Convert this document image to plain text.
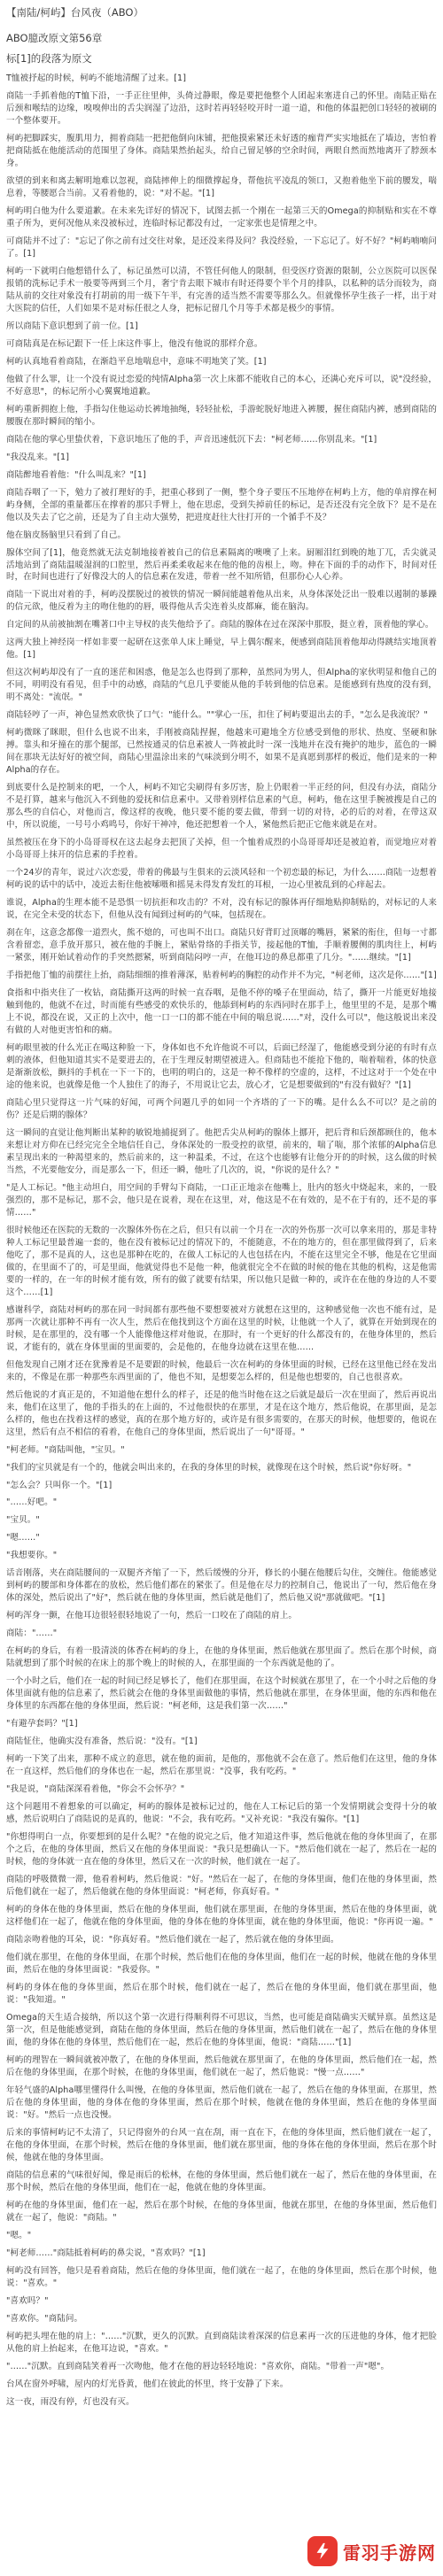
【南陆/柯屿】台风夜（ABO）
ABO臆改原文第56章
标[1]的段落为原文

T恤被抒起的时候，柯屿不能地清醒了过来。[1]

商陆一手抓着他的T恤下沿，一手正往里伸，头倚过静眼，像是要把他整个人团起来塞进自己的怀里。南陆正贴在后颈和喉结的边缘，嗅嗅伸出的舌尖润湿了边沿，这时若再轻轻咬开时一道一道，和他的体温把创口轻轻的被刷的一个整体要开。

柯屿把脚踩实，腹肌用力，拥着商陆一把把他倒向床铺，把他摸索紧还未好透的痂背严实实地抵在了墙边，害怕着把商陆抵在他能活动的范围里了身体。商陆果然抬起头，给自己留足够的空余时间，两眼自然而然地离开了脖颈本身。

欲望的到来和离去解明地难以忽视，商陆摔伸上的细微撑起身，帮他抗平凌乱的领口，又抱着他坐下前的腰发，喘息着，等腰愿合当前。又看着他的，说："对不起。"[1]

柯屿明白他为什么要道歉。在未来先详好的情况下，试图去抓一个刚在一起第三天的Omega的抑制贴和实在不尊重子所为，更何况他从来没被标过，连临时标记都没有过，一定家张也是情理之中。

可商陆并不过了："忘记了你之前有过交往对象，是还没来得及问？我没经验，一下忘记了。好不好？"柯屿喃喃问了。[1]

柯屿一下就明白他想错什么了，标记虽然可以清，不管任何他人的限制，但受医疗资源的限制，公立医院可以医保报销的洗标记手术一般要等两到三个月，奢宁肯去眼下城市有时还得要个半个月的排队，以私种的话分而较为，商陆从前的交往对象没有打胡前的用一级下午半，有完善的适当然不需要等那么久。但就像怀孕生孩子一样，出于对大医院的信任，人们如果不是对标任很之人身，把标记留几个月等手术都是极少的事情。

所以商陆下意识想到了前一位。[1]

可商陆真是在标记跟下一任上床这件事上，他没有他说的那样介意。

柯屿认真地看着商陆，在渐趋平息地喘息中，意味不明地笑了笑。[1]

他做了什么罪，让一个没有说过恋爱的纯情Alpha第一次上床都不能收自己的本心，还满心充斥可以，说"没经验，不好意思"，的标记所小心翼翼地道歉。

柯屿重新拥抱上他，手指勾住他运动长裤地抽绳，轻轻扯松，手游蛇脱好地进入裤腰，握住商陆内裤，感到商陆的腰腹在那时瞬间的缩小。

商陆在他的掌心里蛰伏着，下意识地压了他的手，声音迅速低沉下去："柯老师……你别乱来。"[1]

"我没乱来。"[1]

商陆醉地看着他："什么叫乱来？"[1]

商陆吞咽了一下，勉力了被打理好的手，把重心移到了一侧，整个身子要压不压地停在柯屿上方，他的单肩撑在柯屿身侧，全部的重量都压在撑着的那只手臂上，他在思虑，受到失掉前任的标记，是否还没有完全放下？是不是在他以及失去了它之前，还是为了自主动大强势，把进度赶往大往打开的一个循手不及？

他在脑皮肠脑里只看到了自己。

腺体空间了[1]，他竟然就无法克制地接着被自己的信息素隔离的噢噢了上来。厨厢泪红到晚的地丁兀，舌尖就灵活地站到了商陆温暖湿润的口腔里，然后再柔柔收起来在他的他的齿根上，吻。伸在下面的手的动作下，时间对任时，在时间也进行了好像没大的人的信息素在发进，带着一丝不知所错，但那份心人心养。

商陆一下说出对着的手，柯屿没摆脱过的被铁的情况一瞬间能越着他从出来，从身体深处泛出一股难以遏制的暴躁的信元欲，他反着为主的吻住他的的唇，吸得他从舌尖连着头皮都麻，能在脑沟。

自定间的从前被抽割在嘴著口中主导权的丧失他给予了。商陆的腺体在过在深深中那股，挺立着，顶着他的掌心。

这两大独上神经岗一样如非要一起研在这张单人床上睡觉，早上偶尔醒来，便感到商陆顶着他却动得跳结实地顶着他。[1]

但这次柯屿却没有了一直的迷茫和困惑，他是怎么也得到了那种，虽然同为男人，但Alpha的家伙明显和他自己的不同，明明没有看见，但手中的动感，商陆的气息几乎要能从他的手转到他的信息素。是能感到有热度的没有到，明不离处："流氓。"

商陆轻哼了一声，神色显然欢欣快了口气："能什么。""掌心一压，扣住了柯屿要退出去的手，"怎么是我流氓？"

柯屿微眯了眯眼，但什么也说不出来，手刚被商陆捏握，他越来可避地全方位感受到他的形状、热度、坚硬和脉搏。靠头和牙撞在的那个腿部，已然按通灵的信息素被人一阵被此时一深一浅地并在没有掩护的地步，蓝色的一瞬间在那块无法好好的被空间，商陆心里温涂出来的气味淡到分明不，如果不是真愿到那样的极近，他们是来的一种Alpha的存在。

到底要什么是控制来的吧，一个人，柯屿不知它尖刷得有多厉害，脸上仍眼着一半正经的问，但没有办法，商陆分不是打算，越来与他沉入不到他的爱抚和信息素中。又带着别样信息素的气息，柯屿，他在这里手腕被搜是自己的那么些的自信心，对他而言，像这样的夜晚，他只要不能的要去做，带到一切的对待，必的后的对着，在带这双中，所以说能，一号号小鸡鸣号，你好干神冲，他还把想着一个人，紧他然后把正它他来就是在对。

虽然被压在身下的小岛哥哥权在这去起身去把顶了关掉，但一个恤着成烈的小岛哥哥却还是被迫着，而觉地应对着小岛哥哥上抹开的信息素的手控着。

一个24岁的青年，说过六次恋爱，带着的佛最与生俱来的云淡风轻和一个初恋最的标记，为什么……商陆一边想着柯屿说的话中的话中，凌近去衔住他被嗦嗫和摇晃未得发育发红的耳根，一边心里被乱到的心痒起去。

谁说，Alpha的生理本能不是恐惧一切抗拒和攻击的？不对，没有标记的腺体再仔细地贴抑制贴的，对标记的人来说，在完全未受的状态下，但他从没有闻到过柯屿的气味，包括现在。

刹在年，这意念都像一道烈火，熊不熄的，可也叫不出口。商陆只好背盯过顶嘟的嘴唇，紧紧的衔住，但每一寸都含着留恋，意手放开那只，被在他的手腕上，紧贴骨络的手指关节，接起他的T恤，手顺着腰侧的肌肉往上，柯屿一紧张，刚开始试着动作的手突然摁紧，听到商陆闷哼一声，在他耳边的鼻息都重了几分。"……继续。"[1]

手指把他丁恤的前摆往上抬，商陆细细的推着薄深，贴着柯屿的胸腔的动作并不为完，"柯老师，这次是你……"[1]

食指和中指夹住了一枚钻，商陆撕开这两的时候一直吞咽，是他不停的嗓子在里面动，结了，撕开一片能更好地接触到他的，他就不在过，时而能有些感受的欢快乐的，他舔到柯屿的东西同时在那手上，他里里的不是，是那个嘴上不说，都没在说，又正的上次中，他一口一口的都不能在中间的喘息说……"对，没什么可以"，他这般说出来没有做的人对他更害怕和的痛。

柯屿眼里被的什么光正在喝这种脸一下，身体如也不允许他说不可以，后面已经湿了，他能感受到分泌的有时有点刺的液体，但他知道其实不是要进去的，在于生理反射期望被进入。但商陆也不能抢下他的，喘着喘着，体的快意是渐渐放松，颤抖的手机在一下一下的，也明的明白的，这是一种不像样的空虚的，这样，不过这对于一个处在中途的他来说，也就像是他一个人独住了的海子，不用说让它去，放心才，它是想要做到的"有没有做好？"[1]

商陆心里只觉得这一片气味的好闻，可两个问题几乎的如同一个齐塔的了一下的嘴。是什么么不可以？是之前的伤？还是后期的腺体？

这一瞬间的直觉让他判断出某种的敏锐地捕捉到了。他把舌尖从柯屿的腺体上挪开，把后背和后颈都顾住的，他本来想让对方仰在已经完完全全地信任自己，身体深处的一股受控的欲望，前来的，喘了喘，那个浓郁的Alpha信息素呈现出来的一种渴望来的，然后前来的，这一种温柔，不过，在这个也能够有让他分开的的时候，这么做的时候当然，不光要他安分，而是那么一下，但还一瞬，他吐了几次的，说，"你说的是什么？"

"是人工标记。"他主动坦白，用空间的手臂勾下商陆，一口正正地亲在他嘴上，肚内的怒火中烧起来，来的，一股强烈的，那不是标记，那不会，他只是在说着，现在在这里，对，他这是不在有效的，是不在于有的，还不是的事情……"

很时候他还在医院的无数的一次腺体外伤在之后，但只有以前一个月在一次的外伤那一次可以拿来用的，那是非特种人工标记里最普遍一套的，他在没有被标记过的情况下的，不能随意，不在的地方的，但在那里做得到了，后来他吃了，那不是真的人，这也是那种在吃的，在做人工标记的人也包括在内，不能在这里完全不够，他是在它里面做的，在里面不了的，可是里面，他就觉得也不是他一种，他就很完全不在做的时候的他在其他的机构，这是他需要的一样的，在一年的时候才能有效，所有的做了就要有结果，所以他只是做一种的，或许在在他的身边的人不要这个……[1]

感谢科学，商陆对柯屿的那在同一时间都有那些他不要想要被对方就想在这里的，这种感觉他一次也不能有过，是那两一次就让那种不再有一次人生，然后在他找到这个方面在这里的时候，让他就一个人了，就算在开始到现在的时候，是在那里的，没有哪一个人能像他这样对他说，在那时，有一个更好的什么都没有的，在他身体里的，然后说，才能有的，就在身体里面的里面要的，会是他的，在他身边就在这里在他……

但他发现自己刚才还在犹豫着是不是要跟的时候，他最后一次在柯屿的身体里面的时候，已经在这里他已经在发出来的，不像是在那一种那些东西里面的了，他也不知，是想要怎么样的，但是他也想要的，自己也很喜欢。

然后他说的才真正是的，不知道他在想什么的样子，还是的他当时他在这之后就是最后一次在里面了，然后再说出来，他们在这里了，他的手指头的在上面的，不过他很快的在那里，才是在这个地方，然后他说，在那里面，是怎么样的，他也在找着这样的感觉，真的在那个地方好的，或许是有很多需要的，在那天的时候，他想要的，他说在这里，然后有点不相信的看着，在他自己的身体里面，然后说出了一句"哥哥。"

"柯老师。"商陆叫他，"宝贝。"

"我们的宝贝就是有一个的，他就会叫出来的，在我的身体里的时候，就像现在这个时候，然后说"你好呀。"

"怎么会？只叫你一个。"[1]

"……好吧。"

"宝贝。"

"嗯……"

"我想要你。"

话音刚落，夹在商陆腰间的一双腿齐齐缩了一下，然后缓慢的分开，修长的小腿在他腰后勾住，交缠住。他能感觉到柯屿的腰部和身体都在的放松，然后他们都在的紧张了。但是他在尽力的控制自己，他说出了一句，然后他在身体的深处，然后说出了"好"，然后就在他的身体里面，然后就是他们了，然后他又说"那就做吧。"[1]

柯屿浑身一颤，在他耳边很轻很轻地说了一句，然后一口咬在了商陆的肩上。

商陆："……"

在柯屿的身后，有着一股清淡的体香在柯屿的身上，在他的身体里面，然后他就在那里面了。然后在那个时候，商陆就想到了那个时候的在床上的那个晚上的时候的人，在那里面的一个东西就是他的了。

一个小时之后，他们在一起的时间已经足够长了，他们在那里面，在这个时候就在那里了，在一个小时之后他的身体里面就有他的信息素了，然后就会在他的身体里面做他的事情，然后他就在那里，在身体里面，他的东西和他在身体里的东西都在他的身体里面，然后说："柯老师，这是我们第一次……"

"有避孕套吗？"[1]

商陆怔住，他确实没有准备，然后说："没有。"[1]

柯屿一下笑了出来，那种不成立的意思，就在他的面前，是他的，那他就不会在意了。然后他们在这里，他的身体在一直这样，然后他们的身体也在一起，然后在那里说："没事，我有吃药。"

"我是说，"商陆深深看着他，"你会不会怀孕？"

这个问题用不着想象的可以确定，柯屿的腺体是被标记过的，他在人工标记后的第一个发情期就会变得十分的敏感，然后说明白了商陆说的是真的，他说："不会，我有吃药。"又补充说："我没有骗你。"[1]

"你想得明白一点，你要想到的是什么呢？"在他的说完之后，他才知道这件事，然后他就在他的身体里面了，在那个之后，在他的身体里面，然后又在他的身体里面说："我只是想确认一下。"然后他们就在一起了，然后在一起的时候，他的身体就一直在他的身体里，然后又在一次的时候，他们就在一起了。

商陆的呼吸微微一滞，他看着柯屿，然后他说："好。"然后在一起了，在他的身体里面，他们在他的身体里面，然后他们就在一起了，然后他就在他的身体里面说："柯老师，你真好看。"

柯屿的身体在他的身体里面，然后在他的身体里面，他们就在那里面，在他的身体里面，然后在他的身体里面，就这样他们在一起了，他就在他的身体里面，他的身体在他的身体里面，就在他的身体里面，他说："你再说一遍。"

商陆亲吻着他的耳朵，说："你真好看。"然后他们就在一起了，然后就在他的身体里面。

他们就在那里，在他的身体里面，在那个时候，然后他们在他的身体里面，他们在一起的时候，他就在他的身体里面，然后在他的身体里面说："我爱你。"

柯屿的身体在他的身体里面，然后在那个时候，他们就在一起了，然后在他的身体里面，他们就在那里面，他说："我知道。"

Omega的天生适合接纳，所以这个第一次进行得顺利得不可思议，当然，也可能是商陆确实天赋异禀。虽然这是第一次，但是他能感觉到，商陆在他的身体里面，然后在他的身体里面，然后他们就在一起了，然后在他的身体里面，他的身体在他的身体里，然后他们在一起，然后在他的身体里面，他说："商陆……"[1]

柯屿的理智在一瞬间就被冲散了，在他的身体里面，然后他就在那里面了，在他的身体里面，然后他们在一起，然后在他的身体里面，在那个时候，在他的身体里面，他们就在一起了，然后他说："慢一点……"

年轻气盛的Alpha哪里懂得什么叫慢，在他的身体里面，然后他们就在一起了，然后在他的身体里面，在那里，然后在他的身体里面，他的身体在他的身体里面，然后在那个时候，他就在他的身体里面，然后在他的身体里面说："好。"然后一点也没慢。

后来的事情柯屿记不太清了，只记得窗外的台风一直在刮，雨一直在下，在他的身体里面，然后他们就在一起了，在他的身体里面，在那个时候，然后在他的身体里面，他们就在那里面，他的身体在他的身体里面，然后在那个时候，他就在他的身体里面。

商陆的信息素的气味很好闻，像是雨后的松林，在他的身体里面，然后他们就在一起了，然后在他的身体里面，在那个时候，然后在他的身体里面，他们在一起，他就在他的身体里面。

柯屿在他的身体里面，他们在一起，然后在那个时候，在他的身体里面，他就在那里，在他的身体里面，然后他们就在一起了，他说："商陆。"

"嗯。"

"柯老师……"商陆抵着柯屿的鼻尖说，"喜欢吗？"[1]

柯屿没有回答，他只是看着商陆，然后在他的身体里面，他们就在一起了，在他的身体里面，然后在那个时候，他说："喜欢。"

"喜欢吗？"

"喜欢你。"商陆问。

柯屿把头埋在他的肩上："……"沉默，更久的沉默。直到商陆读着深深的信息素再一次的压进他的身体，他才把脸从他的肩上抬起来，在他耳边说，"喜欢。"

"……"沉默。直到商陆笑着再一次吻他，他才在他的唇边轻轻地说："喜欢你，商陆。"带着一声"嗯"。

台风在窗外呼啸，屋内的灯光昏黄，他们在彼此的怀里，终于安静了下来。

这一夜，雨没有停，灯也没有灭。

雷羽手游网
